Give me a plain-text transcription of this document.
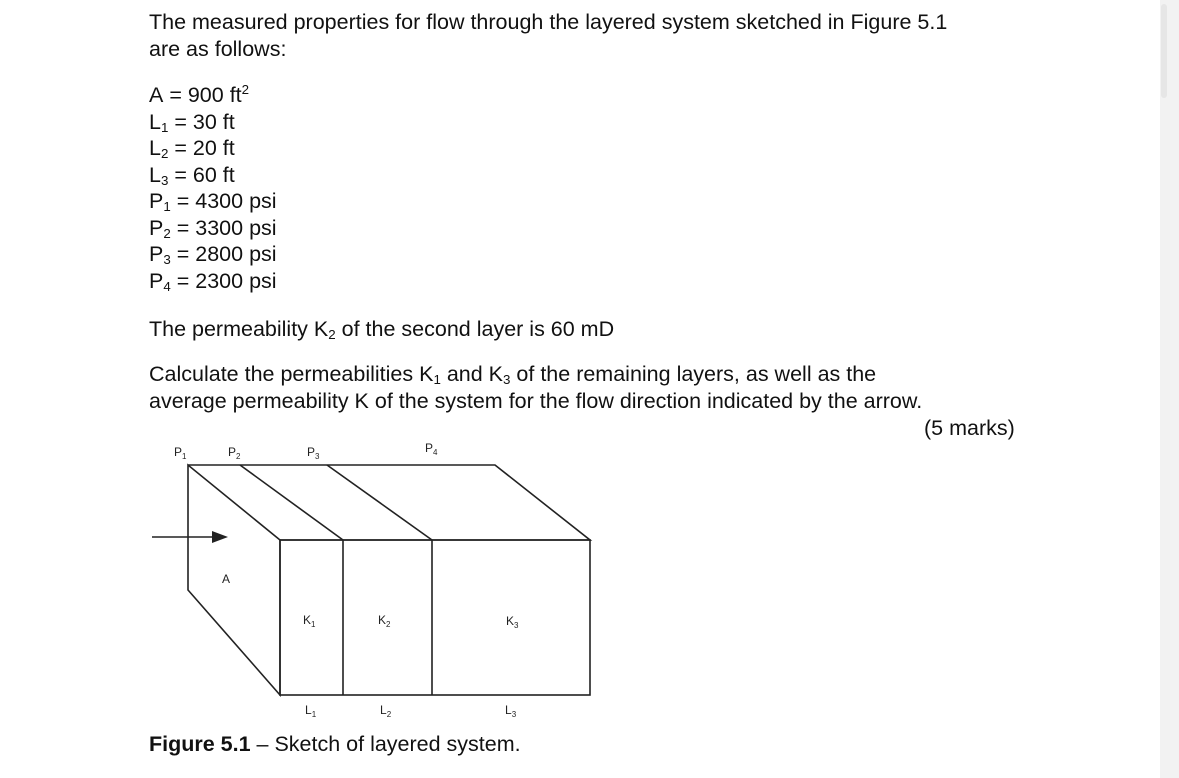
The measured properties for flow through the layered system sketched in Figure 5.1
are as follows:
A = 900 $ft^2$
$L_1 = 30$ ft
$L_2 = 20$ ft
$L_3 = 60$ ft
$P_1 = 4300$ psi
$P_2 = 3300$ psi
$P_3 = 2800$ psi
$P_4 = 2300$ psi
The permeability $K_2$ of the second layer is 60 mD
Calculate the permeabilities $K_1$ and $K_3$ of the remaining layers, as well as the
average permeability K of the system for the flow direction indicated by the arrow.
(5 marks)
$P_1$	$P_2$	$P_3$
$P_4$
A
$K_1$	$K_2$	$K_3$
$L_1$	$L_2$	$L_3$
Figure 5.1 – Sketch of layered system.
